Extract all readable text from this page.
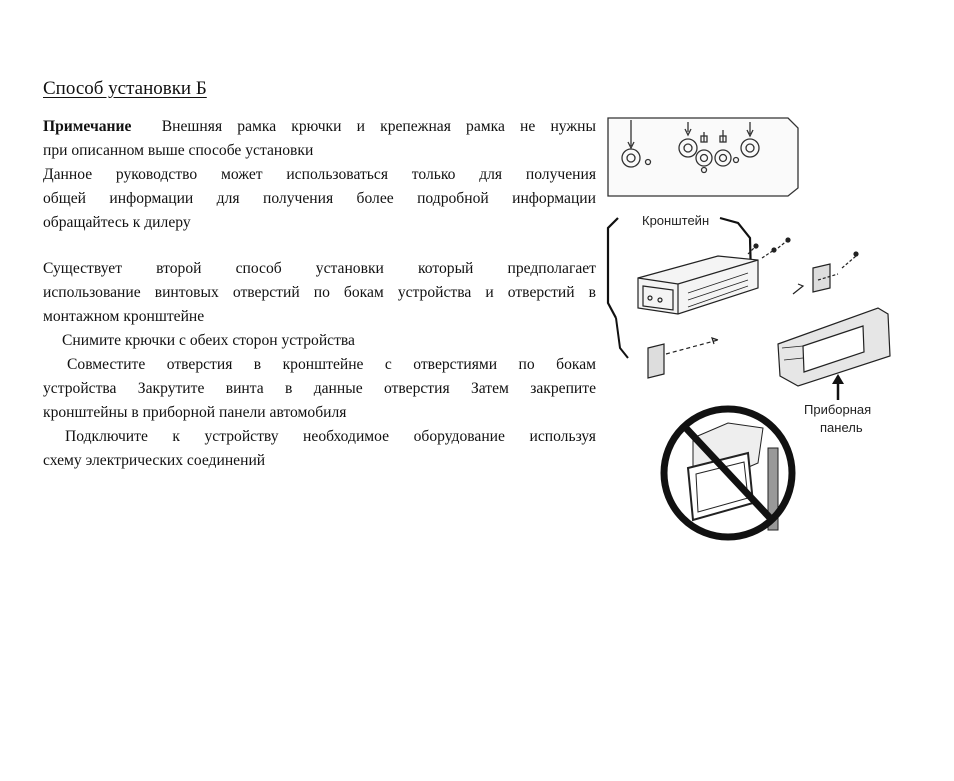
Способ установки Б
Примечание Внешняя рамка крючки и крепежная рамка не нужны
при описанном выше способе установки
Данное руководство может использоваться только для получения
общей информации для получения более подробной информации
обращайтесь к дилеру
Существует второй способ установки который предполагает
использование винтовых отверстий по бокам устройства и отверстий в
монтажном кронштейне
Снимите крючки с обеих сторон устройства
Совместите отверстия в кронштейне с отверстиями по бокам
устройства Закрутите винта в данные отверстия Затем закрепите
кронштейны в приборной панели автомобиля
Подключите к устройству необходимое оборудование используя
схему электрических соединений
Кронштейн
Приборная
панель
